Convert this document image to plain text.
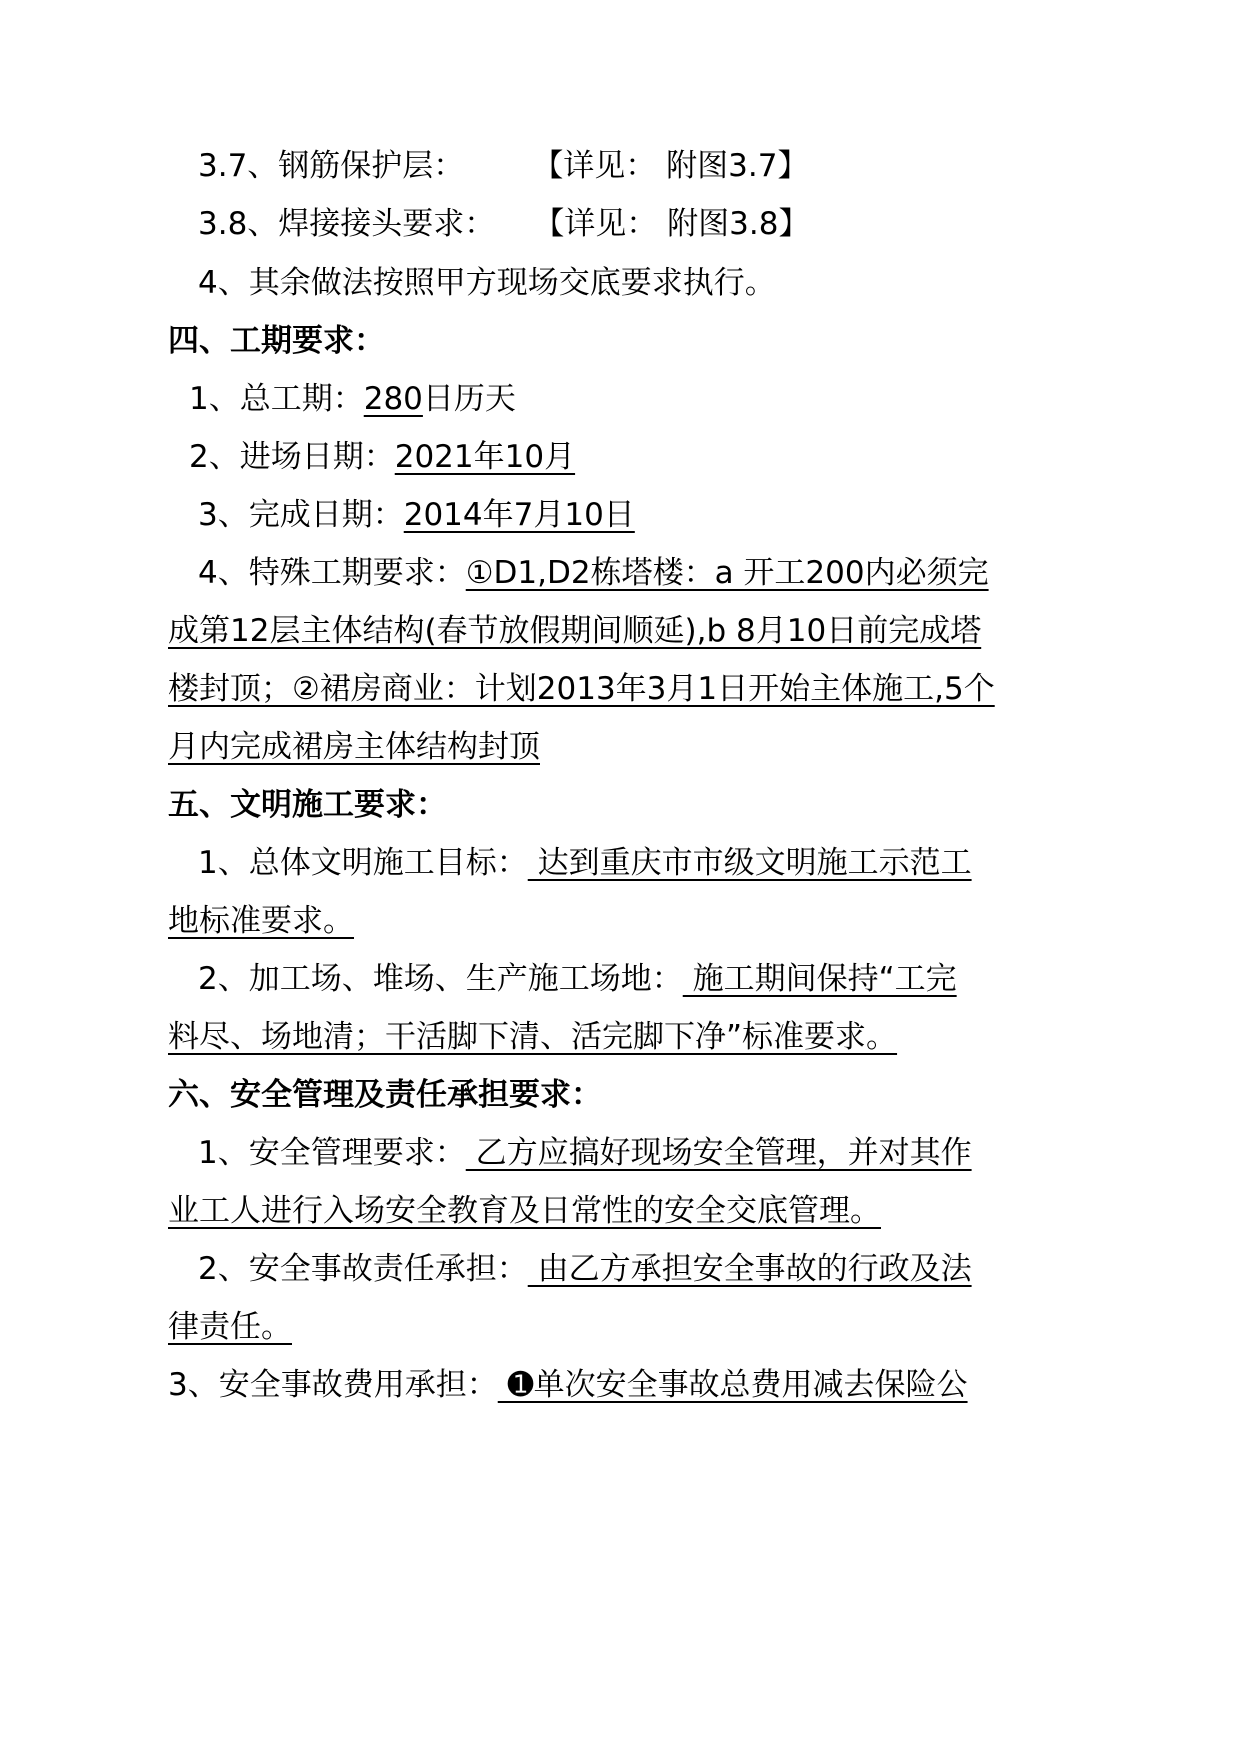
3.7、钢筋保护层： 【详见： 附图3.7】
3.8、焊接接头要求： 【详见： 附图3.8】
4、其余做法按照甲方现场交底要求执行。
四、工期要求：
1、总工期：280日历天
2、进场日期：2021年10月
3、完成日期：2014年7月10日
4、特殊工期要求：①D1,D2栋塔楼：a 开工200内必须完
成第12层主体结构(春节放假期间顺延),b 8月10日前完成塔
楼封顶；②裙房商业：计划2013年3月1日开始主体施工,5个
月内完成裙房主体结构封顶
五、文明施工要求：
1、总体文明施工目标： 达到重庆市市级文明施工示范工
地标准要求。
2、加工场、堆场、生产施工场地： 施工期间保持“工完
料尽、场地清；干活脚下清、活完脚下净”标准要求。
六、安全管理及责任承担要求：
1、安全管理要求： 乙方应搞好现场安全管理，并对其作
业工人进行入场安全教育及日常性的安全交底管理。
2、安全事故责任承担： 由乙方承担安全事故的行政及法
律责任。
3、安全事故费用承担： ➊单次安全事故总费用减去保险公
